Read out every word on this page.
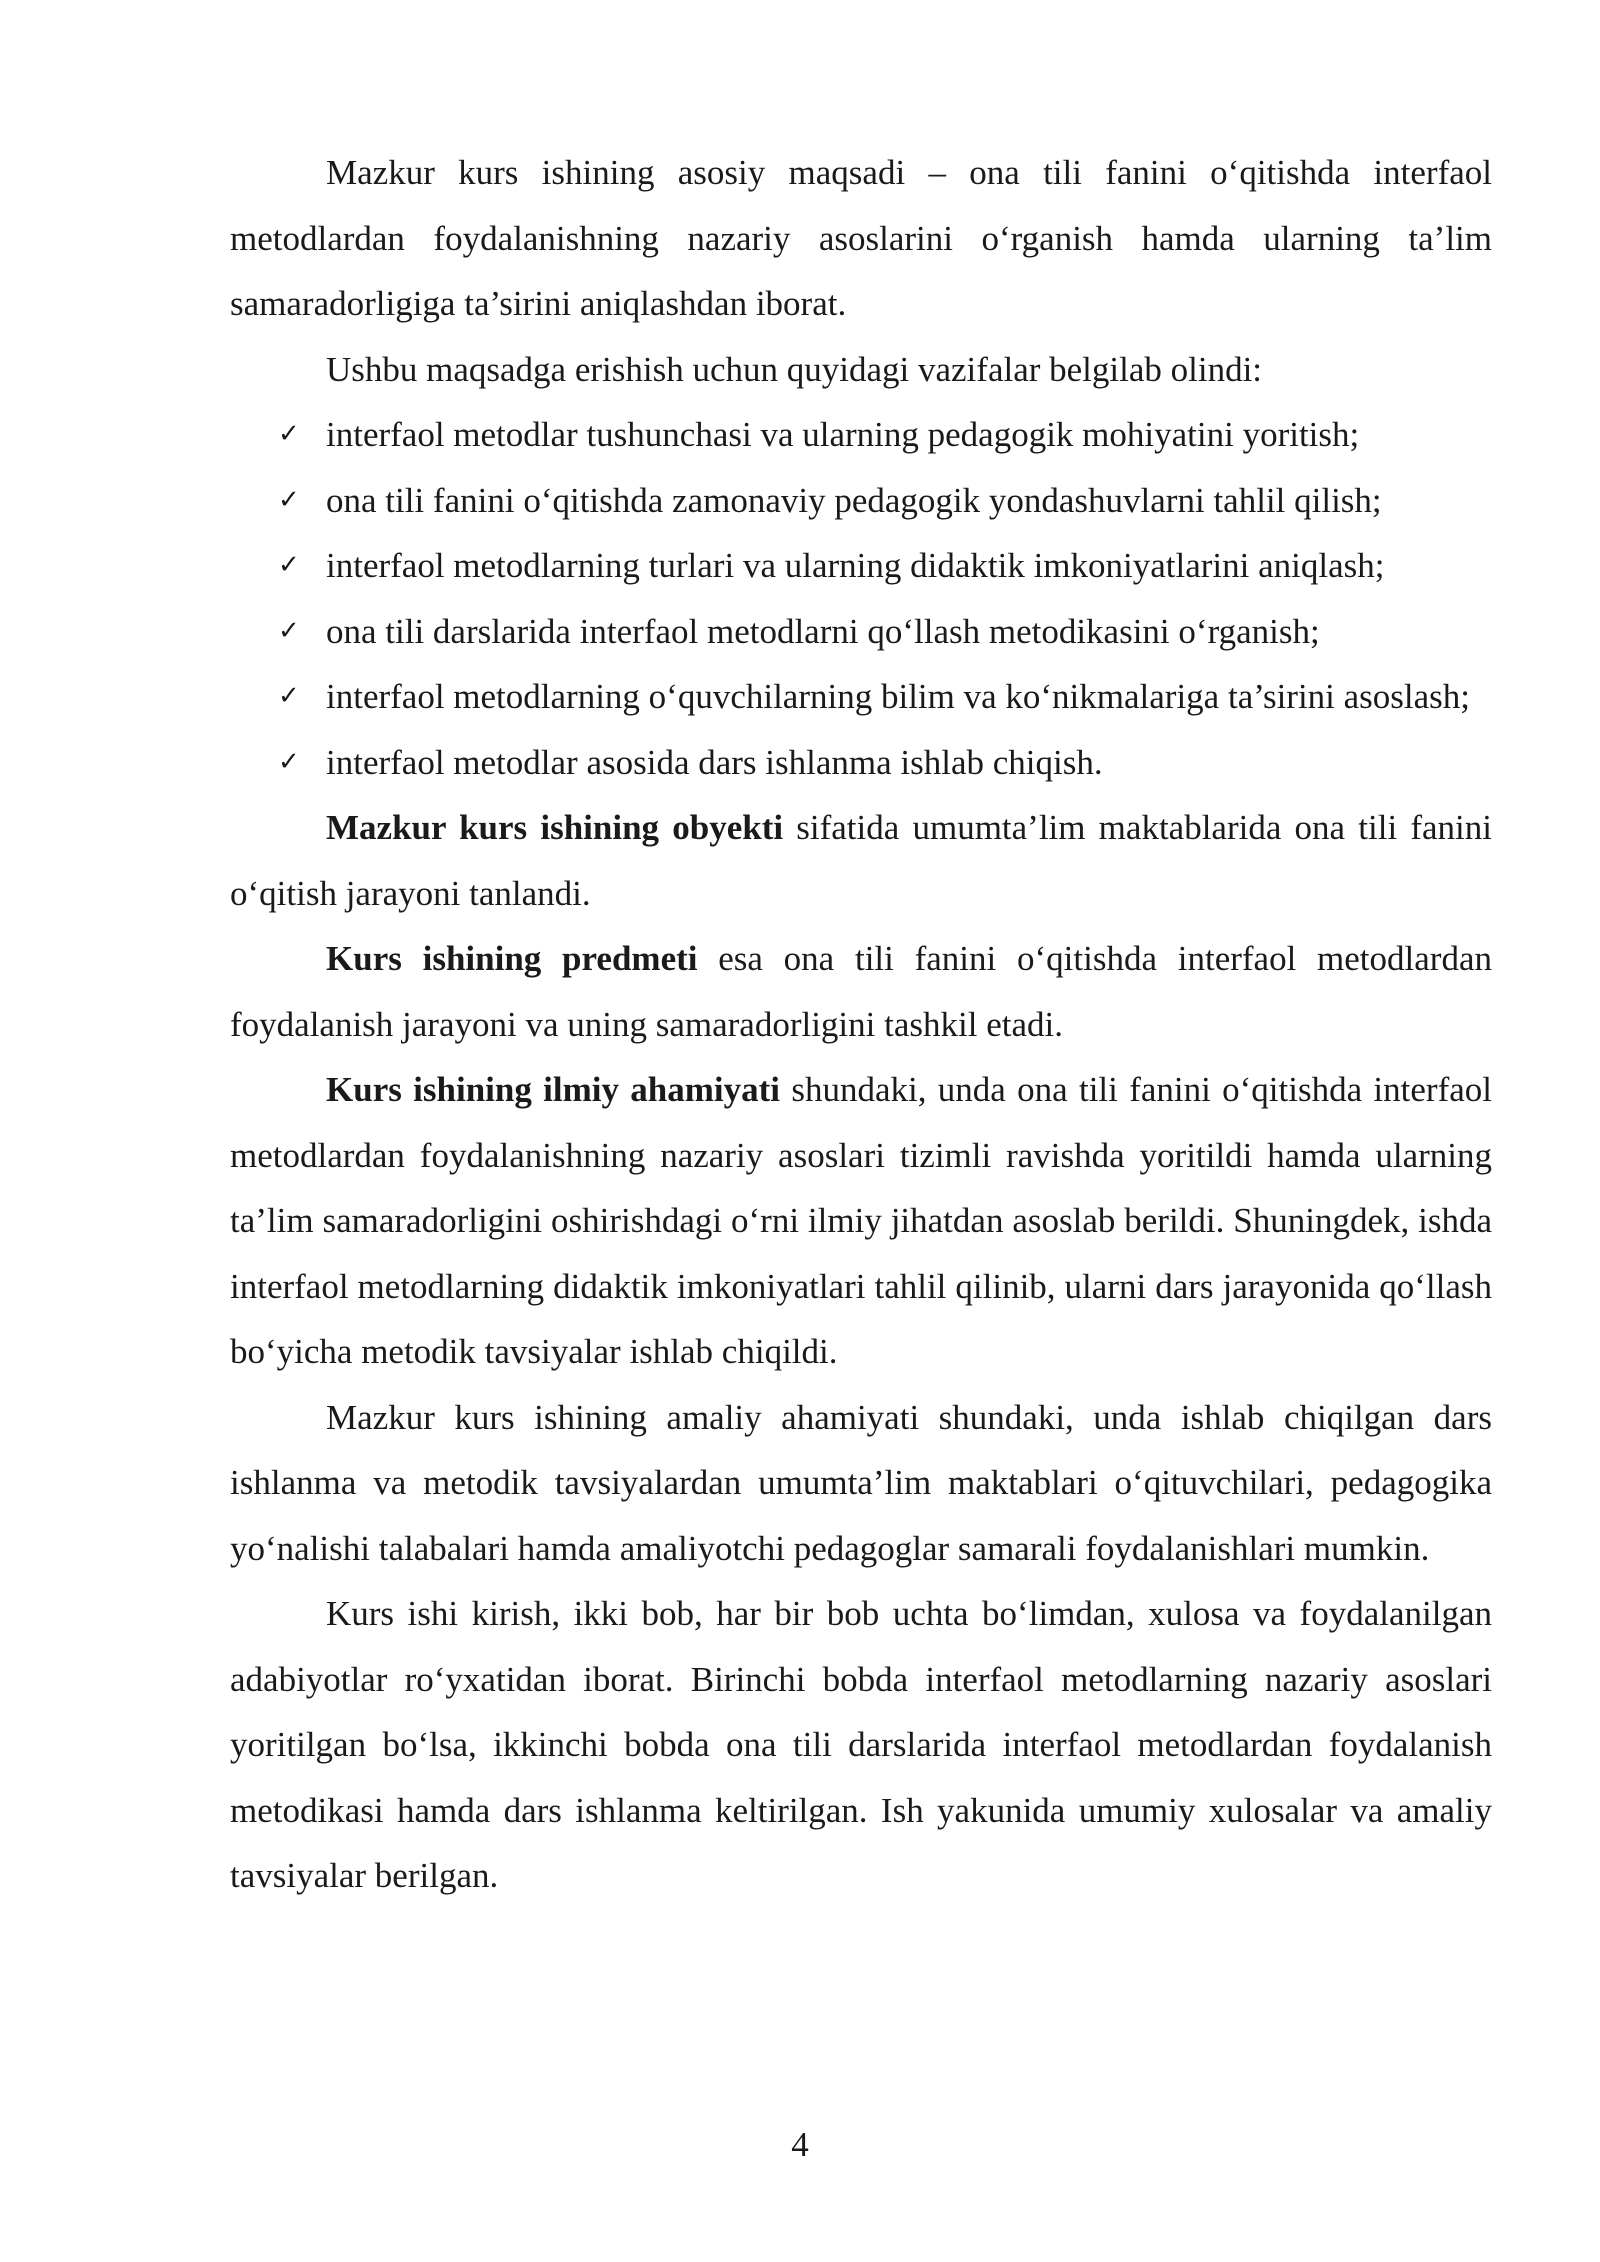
Mazkur kurs ishining asosiy maqsadi – ona tili fanini o‘qitishda interfaol metodlardan foydalanishning nazariy asoslarini o‘rganish hamda ularning ta’lim samaradorligiga ta’sirini aniqlashdan iborat.

Ushbu maqsadga erishish uchun quyidagi vazifalar belgilab olindi:

✓ interfaol metodlar tushunchasi va ularning pedagogik mohiyatini yoritish;
✓ ona tili fanini o‘qitishda zamonaviy pedagogik yondashuvlarni tahlil qilish;
✓ interfaol metodlarning turlari va ularning didaktik imkoniyatlarini aniqlash;
✓ ona tili darslarida interfaol metodlarni qo‘llash metodikasini o‘rganish;
✓ interfaol metodlarning o‘quvchilarning bilim va ko‘nikmalariga ta’sirini asoslash;
✓ interfaol metodlar asosida dars ishlanma ishlab chiqish.

Mazkur kurs ishining obyekti sifatida umumta’lim maktablarida ona tili fanini o‘qitish jarayoni tanlandi.

Kurs ishining predmeti esa ona tili fanini o‘qitishda interfaol metodlardan foydalanish jarayoni va uning samaradorligini tashkil etadi.

Kurs ishining ilmiy ahamiyati shundaki, unda ona tili fanini o‘qitishda interfaol metodlardan foydalanishning nazariy asoslari tizimli ravishda yoritildi hamda ularning ta’lim samaradorligini oshirishdagi o‘rni ilmiy jihatdan asoslab berildi. Shuningdek, ishda interfaol metodlarning didaktik imkoniyatlari tahlil qilinib, ularni dars jarayonida qo‘llash bo‘yicha metodik tavsiyalar ishlab chiqildi.

Mazkur kurs ishining amaliy ahamiyati shundaki, unda ishlab chiqilgan dars ishlanma va metodik tavsiyalardan umumta’lim maktablari o‘qituvchilari, pedagogika yo‘nalishi talabalari hamda amaliyotchi pedagoglar samarali foydalanishlari mumkin.

Kurs ishi kirish, ikki bob, har bir bob uchta bo‘limdan, xulosa va foydalanilgan adabiyotlar ro‘yxatidan iborat. Birinchi bobda interfaol metodlarning nazariy asoslari yoritilgan bo‘lsa, ikkinchi bobda ona tili darslarida interfaol metodlardan foydalanish metodikasi hamda dars ishlanma keltirilgan. Ish yakunida umumiy xulosalar va amaliy tavsiyalar berilgan.

4
